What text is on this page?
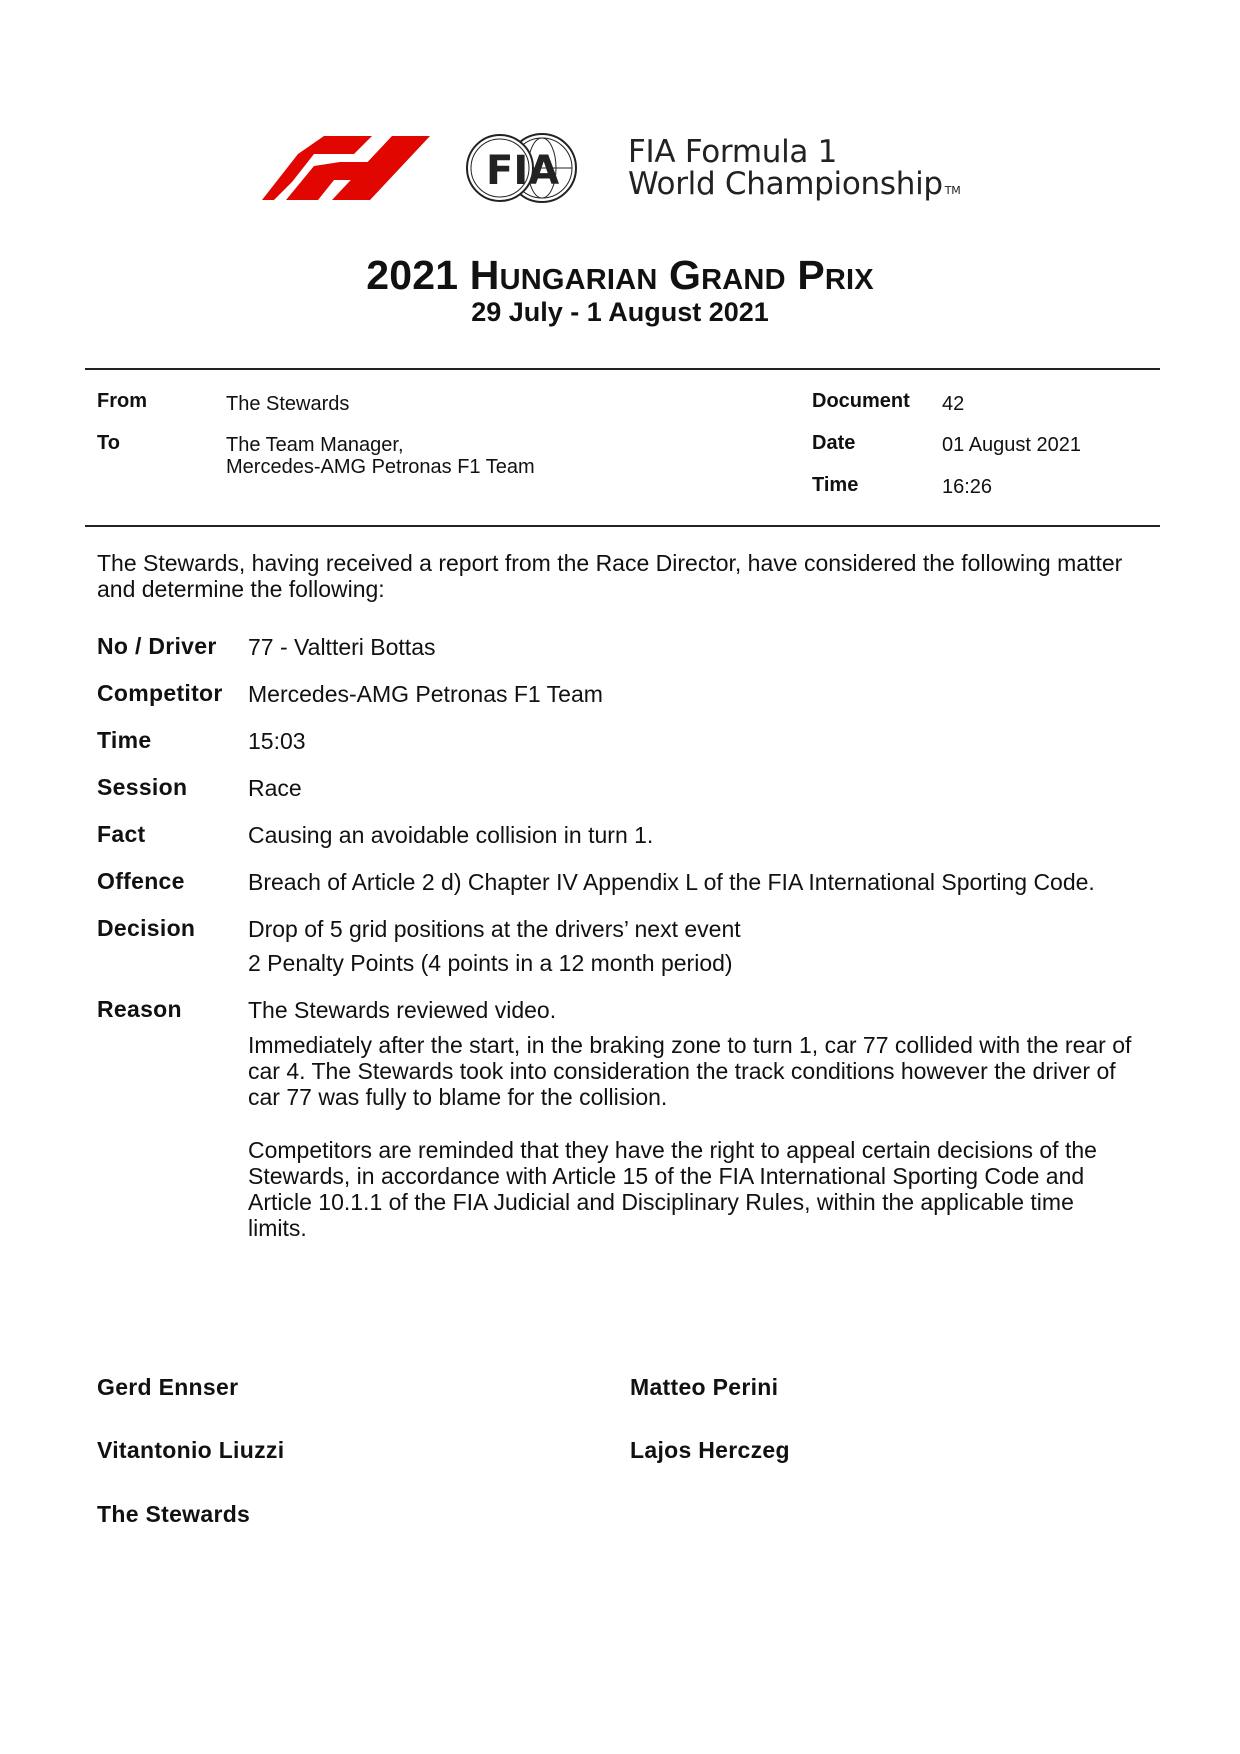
FIA FIA Formula 1
World Championship TM
2021 Hungarian Grand Prix
29 July - 1 August 2021
From	The Stewards
To	The Team Manager,
Mercedes-AMG Petronas F1 Team
Document 42
Date	01 August 2021
Time	16:26
The Stewards, having received a report from the Race Director, have considered the following matter and determine the following:
No / Driver 77 - Valtteri Bottas
Competitor Mercedes-AMG Petronas F1 Team
Time	15:03
Session	Race
Fact	Causing an avoidable collision in turn 1.
Offence	Breach of Article 2 d) Chapter IV Appendix L of the FIA International Sporting Code.
Decision Drop of 5 grid positions at the drivers’ next event
2 Penalty Points (4 points in a 12 month period)
Reason	The Stewards reviewed video.
Immediately after the start, in the braking zone to turn 1, car 77 collided with the rear of car 4. The Stewards took into consideration the track conditions however the driver of car 77 was fully to blame for the collision.
Competitors are reminded that they have the right to appeal certain decisions of the Stewards, in accordance with Article 15 of the FIA International Sporting Code and Article 10.1.1 of the FIA Judicial and Disciplinary Rules, within the applicable time limits.
Gerd Ennser	Matteo Perini
Vitantonio Liuzzi	Lajos Herczeg
The Stewards
